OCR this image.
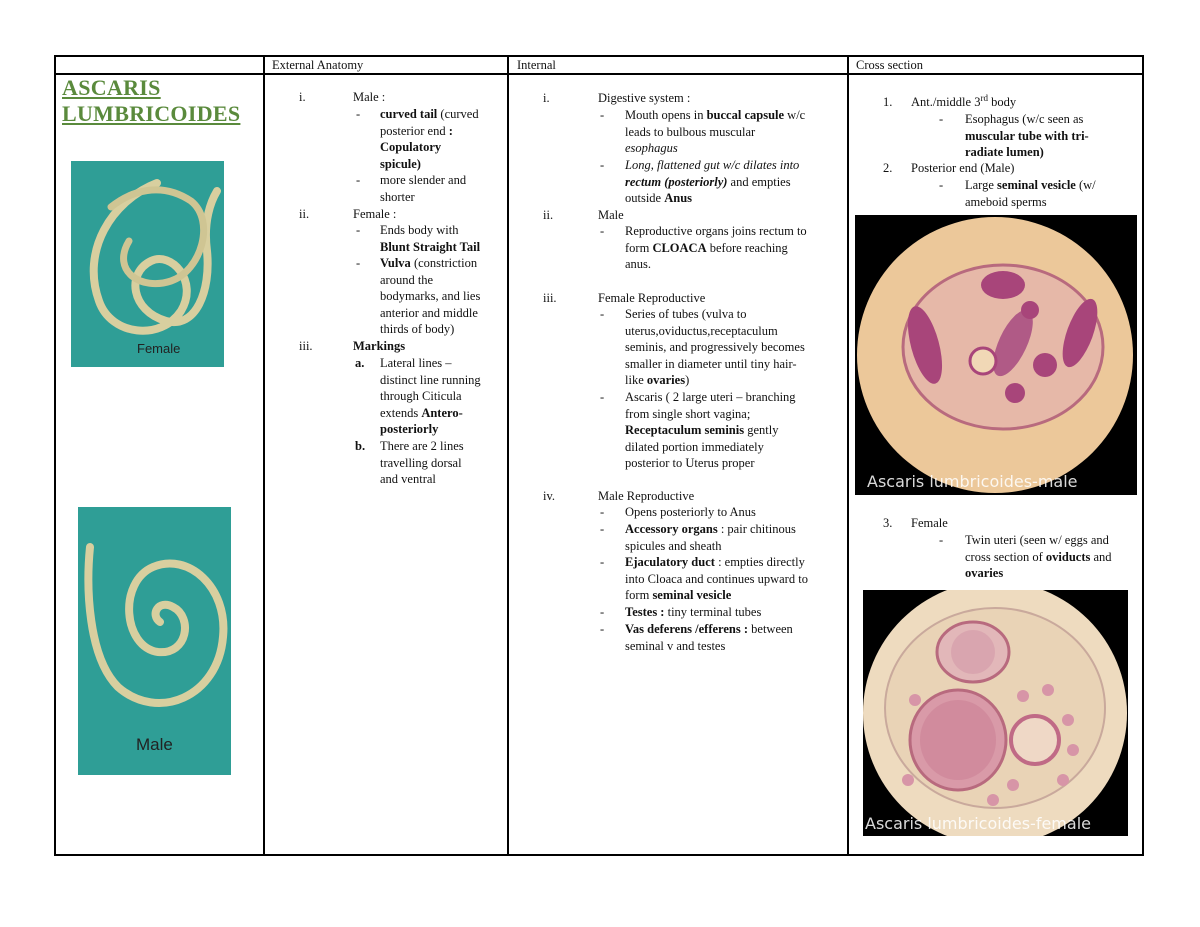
External Anatomy	Internal	Cross section
ASCARIS
LUMBRICOIDES
Female
Male
i.	Male :
- curved tail (curved
posterior end :
Copulatory
spicule)
- more slender and
shorter
ii.	Female :
- Ends body with
Blunt Straight Tail
- Vulva (constriction
around the
bodymarks, and lies
anterior and middle
thirds of body)
iii.	Markings
a. Lateral lines –
distinct line running
through Citicula
extends Antero-
posteriorly
b. There are 2 lines
travelling dorsal
and ventral
i.	Digestive system :
- Mouth opens in buccal capsule w/c
leads to bulbous muscular
esophagus
- Long, flattened gut w/c dilates into
rectum (posteriorly) and empties
outside Anus
ii.	Male
- Reproductive organs joins rectum to
form CLOACA before reaching
anus.
iii.	Female Reproductive
- Series of tubes (vulva to
uterus,oviductus,receptaculum
seminis, and progressively becomes
smaller in diameter until tiny hair-
like ovaries)
- Ascaris ( 2 large uteri – branching
from single short vagina;
Receptaculum seminis gently
dilated portion immediately
posterior to Uterus proper
iv.	Male Reproductive
- Opens posteriorly to Anus
- Accessory organs : pair chitinous
spicules and sheath
- Ejaculatory duct : empties directly
into Cloaca and continues upward to
form seminal vesicle
- Testes : tiny terminal tubes
- Vas deferens /efferens : between
seminal v and testes
1. Ant./middle 3rd body
- Esophagus (w/c seen as
muscular tube with tri-
radiate lumen)
2. Posterior end (Male)
- Large seminal vesicle (w/
ameboid sperms
Ascaris lumbricoides-male
3. Female
- Twin uteri (seen w/ eggs and
cross section of oviducts and
ovaries
Ascaris lumbricoides-female
